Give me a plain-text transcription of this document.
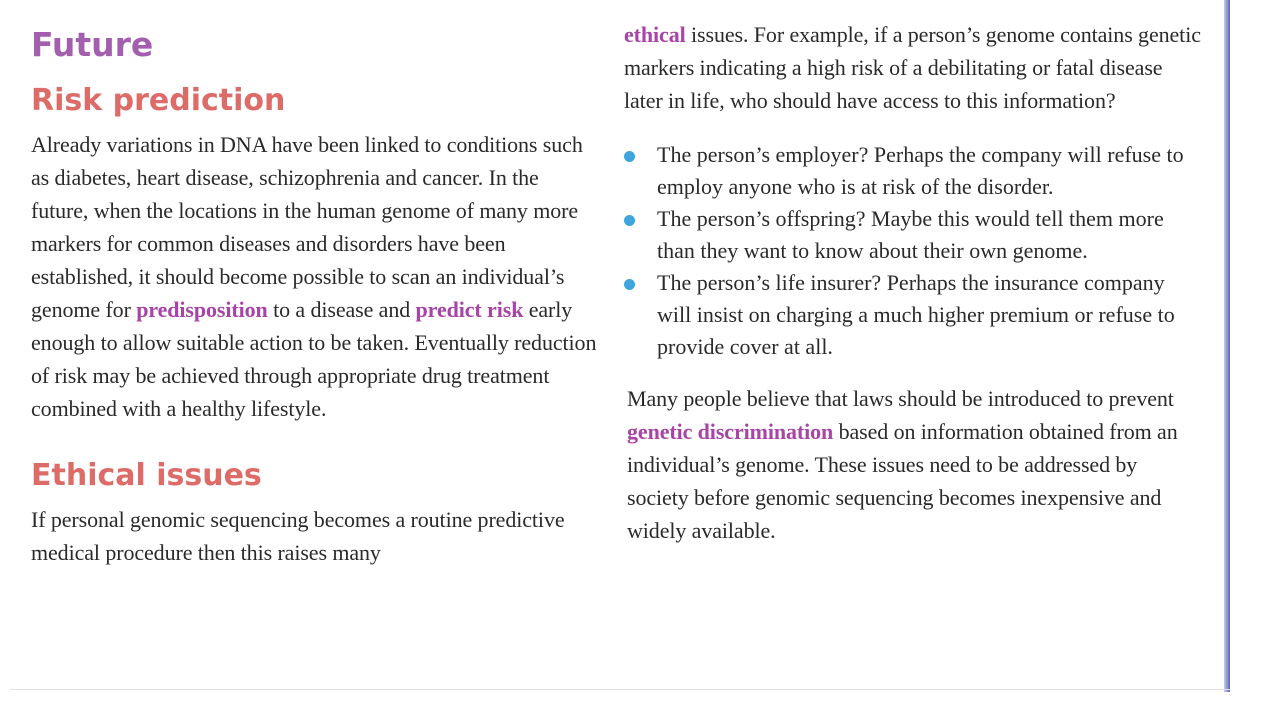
Future
Risk prediction

Already variations in DNA have been linked to conditions such as diabetes, heart disease, schizophrenia and cancer. In the future, when the locations in the human genome of many more markers for common diseases and disorders have been established, it should become possible to scan an individual’s genome for predisposition to a disease and predict risk early enough to allow suitable action to be taken. Eventually reduction of risk may be achieved through appropriate drug treatment combined with a healthy lifestyle.

Ethical issues

If personal genomic sequencing becomes a routine predictive medical procedure then this raises many

ethical issues. For example, if a person’s genome contains genetic markers indicating a high risk of a debilitating or fatal disease later in life, who should have access to this information?

The person’s employer? Perhaps the company will refuse to employ anyone who is at risk of the disorder.
The person’s offspring? Maybe this would tell them more than they want to know about their own genome.
The person’s life insurer? Perhaps the insurance company will insist on charging a much higher premium or refuse to provide cover at all.

Many people believe that laws should be introduced to prevent genetic discrimination based on information obtained from an individual’s genome. These issues need to be addressed by society before genomic sequencing becomes inexpensive and widely available.
